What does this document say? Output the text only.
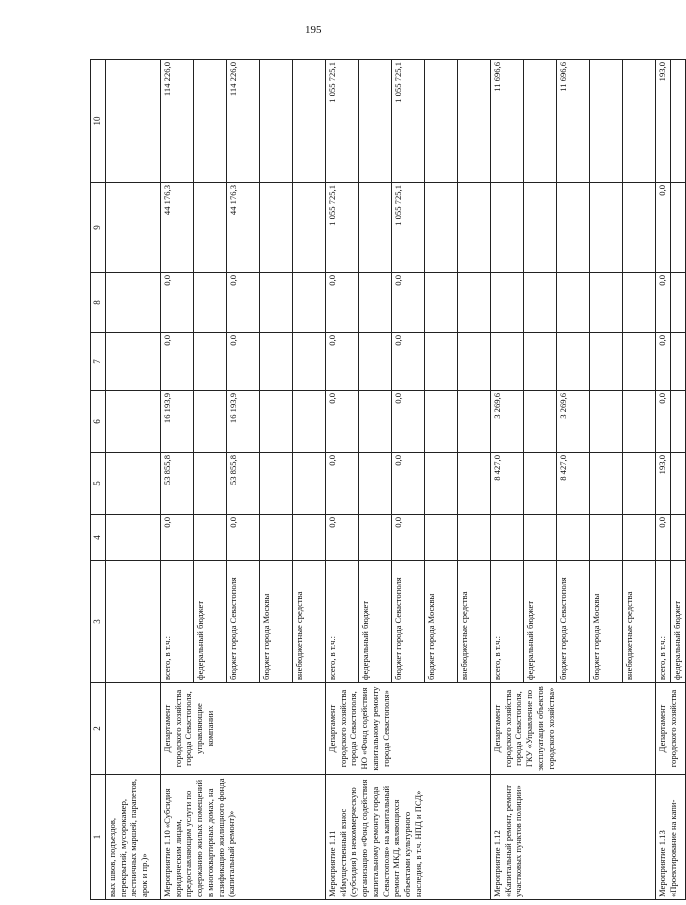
195
1	2	3	4	5	6	7	8	9	10
вых швов, подъездов, перекрытий, мусорокамер, лестничных маршей, парапетов, арок и пр.)»									
Мероприятие 1.10 «Субсидия юридическим лицам, предоставляющим услуги по содержанию жилых помещений в многоквартирных домах, на газификацию жилищного фонда (капитальный ремонт)»	Департамент городского хозяйства города Севастополя, управляющие компании	всего, в т.ч.:	0,0	53 855,8	16 193,9	0,0	0,0	44 176,3	114 226,0
		федеральный бюджет							
		бюджет города Севастополя	0,0	53 855,8	16 193,9	0,0	0,0	44 176,3	114 226,0
		бюджет города Москвы							
		внебюджетные средства							
Мероприятие 1.11 «Имущественный взнос (субсидия) в некоммерческую организацию «Фонд содействия капитальному ремонту города Севастополя» на капитальный ремонт МКД, являющихся объектами культурного наследия, в т.ч. НПД и ПСД»	Департамент городского хозяйства города Севастополя, НО «Фонд содействия капитальному ремонту города Севастополя»	всего, в т.ч.:	0,0	0,0	0,0	0,0	0,0	1 055 725,1	1 055 725,1
		федеральный бюджет							
		бюджет города Севастополя	0,0	0,0	0,0	0,0	0,0	1 055 725,1	1 055 725,1
		бюджет города Москвы							
		внебюджетные средства							
Мероприятие 1.12 «Капитальный ремонт, ремонт участковых пунктов полиции»	Департамент городского хозяйства города Севастополя, ГКУ «Управление по эксплуатации объектов городского хозяйства»	всего, в т.ч.:		8 427,0	3 269,6				11 696,6
		федеральный бюджет							
		бюджет города Севастополя		8 427,0	3 269,6				11 696,6
		бюджет города Москвы							
		внебюджетные средства							
Мероприятие 1.13 «Проектирование на капи-	Департамент городского хозяйства	всего, в т.ч.:	0,0	193,0	0,0	0,0	0,0	0,0	193,0
		федеральный бюджет							
